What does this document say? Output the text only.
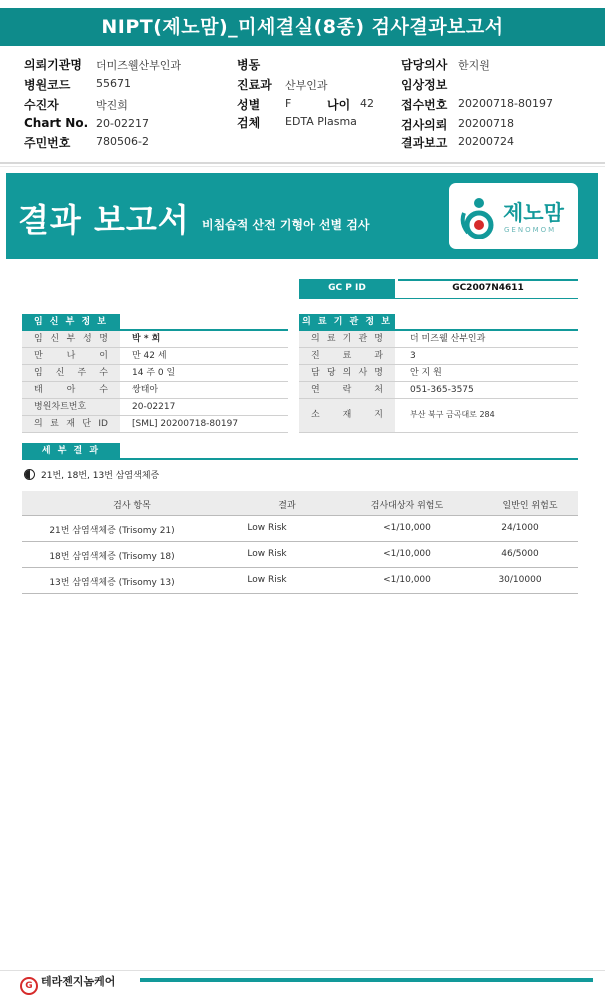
NIPT(제노맘)_미세결실(8종) 검사결과보고서
의뢰기관명 더미즈웰산부인과
병원코드 55671
수진자	박진희
Chart No. 20-02217
주민번호 780506-2
병동
진료과 산부인과
성별 F	나이 42
검체 EDTA Plasma
담당의사 한지원
임상정보
접수번호 20200718-80197
검사의뢰 20200718
결과보고 20200724
결과 보고서 비침습적 산전 기형아 선별 검사	제노맘
GENOMOM
GC P ID	GC2007N4611
임 신 부 정 보
임 신 부 성 명	박 * 희
만 나 이	만 42 세
임 신 주 수	14 주 0 일
태 아 수	쌍태아
병원차트번호	20-02217
의 료 재 단 ID	[SML] 20200718-80197
의 료 기 관 정 보
의 료 기 관 명	더 미즈웰 산부인과
진 료 과	3
담 당 의 사 명	안 지 원
연 락 처	051-365-3575
소 재 지	부산 북구 금곡대로 284
세 부 결 과
21번, 18번, 13번 삼염색체증
검사 항목	결과	검사대상자 위험도	일반인 위험도
21번 삼염색체증 (Trisomy 21)	Low Risk	<1/10,000	24/1000
18번 삼염색체증 (Trisomy 18)	Low Risk	<1/10,000	46/5000
13번 삼염색체증 (Trisomy 13)	Low Risk	<1/10,000	30/10000
G 테라젠지놈케어
